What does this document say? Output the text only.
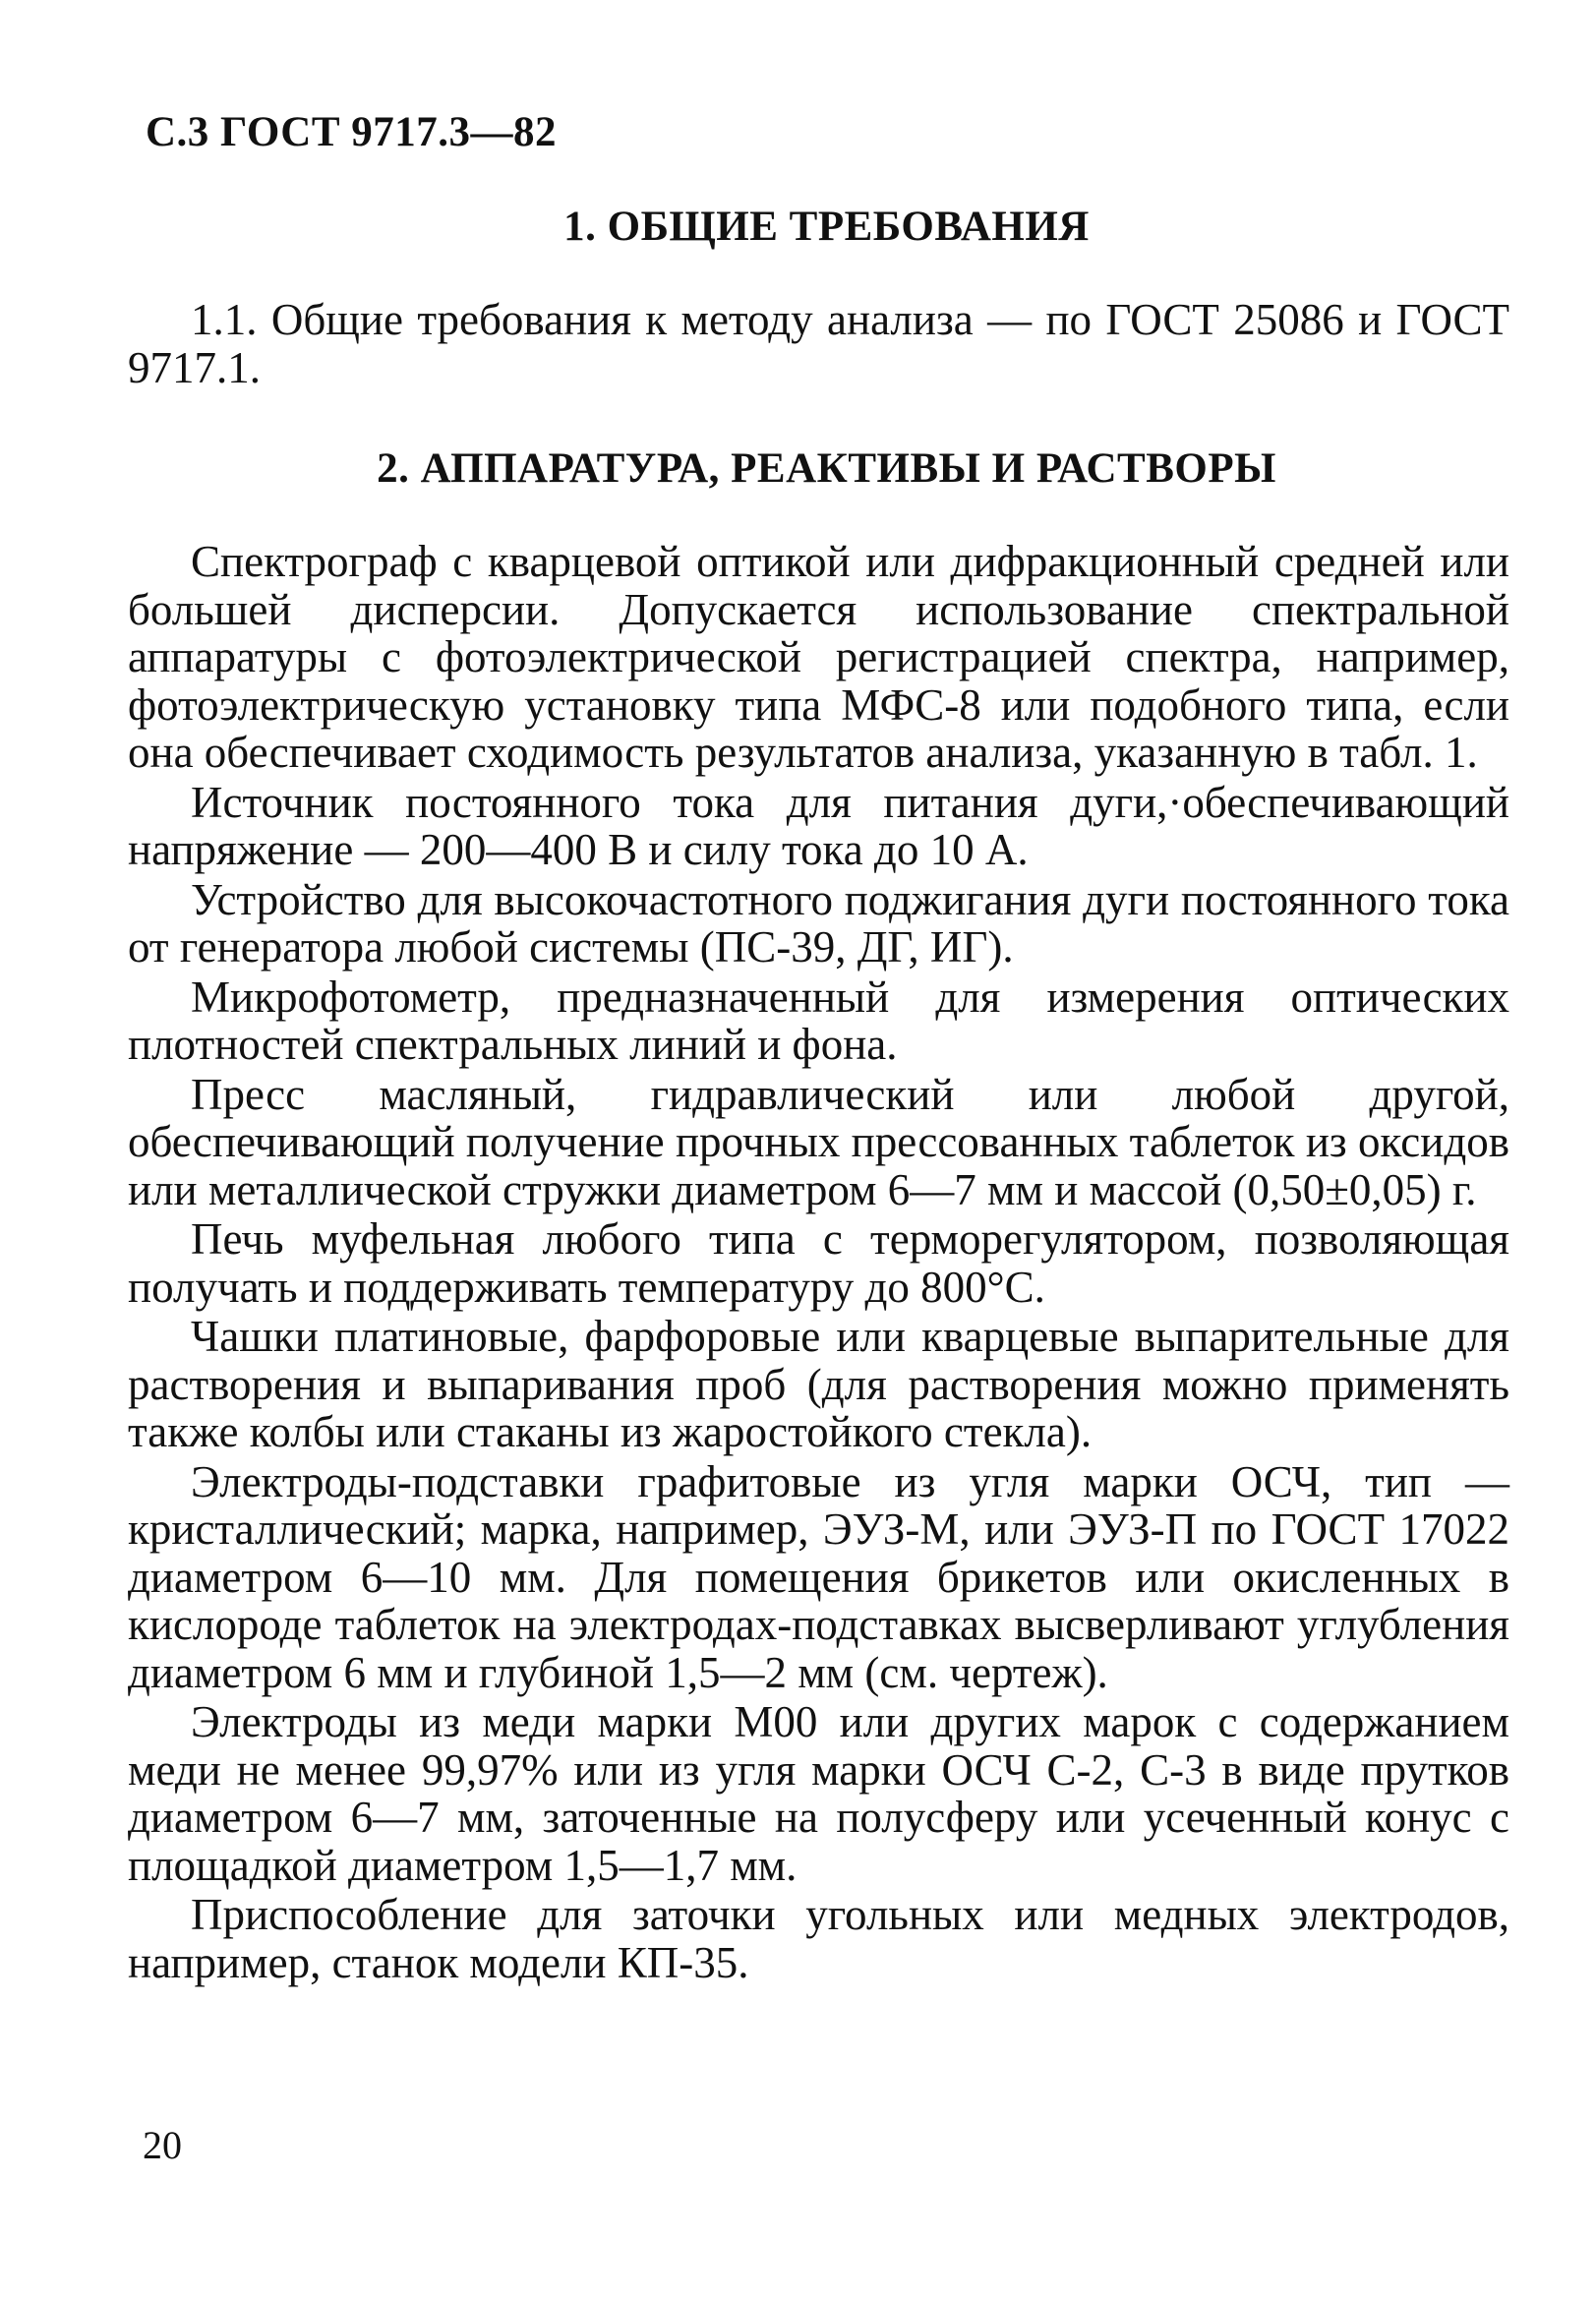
С.3 ГОСТ 9717.3—82

1. ОБЩИЕ ТРЕБОВАНИЯ

1.1. Общие требования к методу анализа — по ГОСТ 25086 и ГОСТ 9717.1.

2. АППАРАТУРА, РЕАКТИВЫ И РАСТВОРЫ

Спектрограф с кварцевой оптикой или дифракционный средней или большей дисперсии. Допускается использование спектральной аппаратуры с фотоэлектрической регистрацией спектра, например, фотоэлектрическую установку типа МФС-8 или подобного типа, если она обеспечивает сходимость результатов анализа, указанную в табл. 1.

Источник постоянного тока для питания дуги,·обеспечивающий напряжение — 200—400 В и силу тока до 10 А.

Устройство для высокочастотного поджигания дуги постоянного тока от генератора любой системы (ПС-39, ДГ, ИГ).

Микрофотометр, предназначенный для измерения оптических плотностей спектральных линий и фона.

Пресс масляный, гидравлический или любой другой, обеспечивающий получение прочных прессованных таблеток из оксидов или металлической стружки диаметром 6—7 мм и массой (0,50±0,05) г.

Печь муфельная любого типа с терморегулятором, позволяющая получать и поддерживать температуру до 800°С.

Чашки платиновые, фарфоровые или кварцевые выпарительные для растворения и выпаривания проб (для растворения можно применять также колбы или стаканы из жаростойкого стекла).

Электроды-подставки графитовые из угля марки ОСЧ, тип — кристаллический; марка, например, ЭУЗ-М, или ЭУЗ-П по ГОСТ 17022 диаметром 6—10 мм. Для помещения брикетов или окисленных в кислороде таблеток на электродах-подставках высверливают углубления диаметром 6 мм и глубиной 1,5—2 мм (см. чертеж).

Электроды из меди марки М00 или других марок с содержанием меди не менее 99,97% или из угля марки ОСЧ С-2, С-3 в виде прутков диаметром 6—7 мм, заточенные на полусферу или усеченный конус с площадкой диаметром 1,5—1,7 мм.

Приспособление для заточки угольных или медных электродов, например, станок модели КП-35.

20
